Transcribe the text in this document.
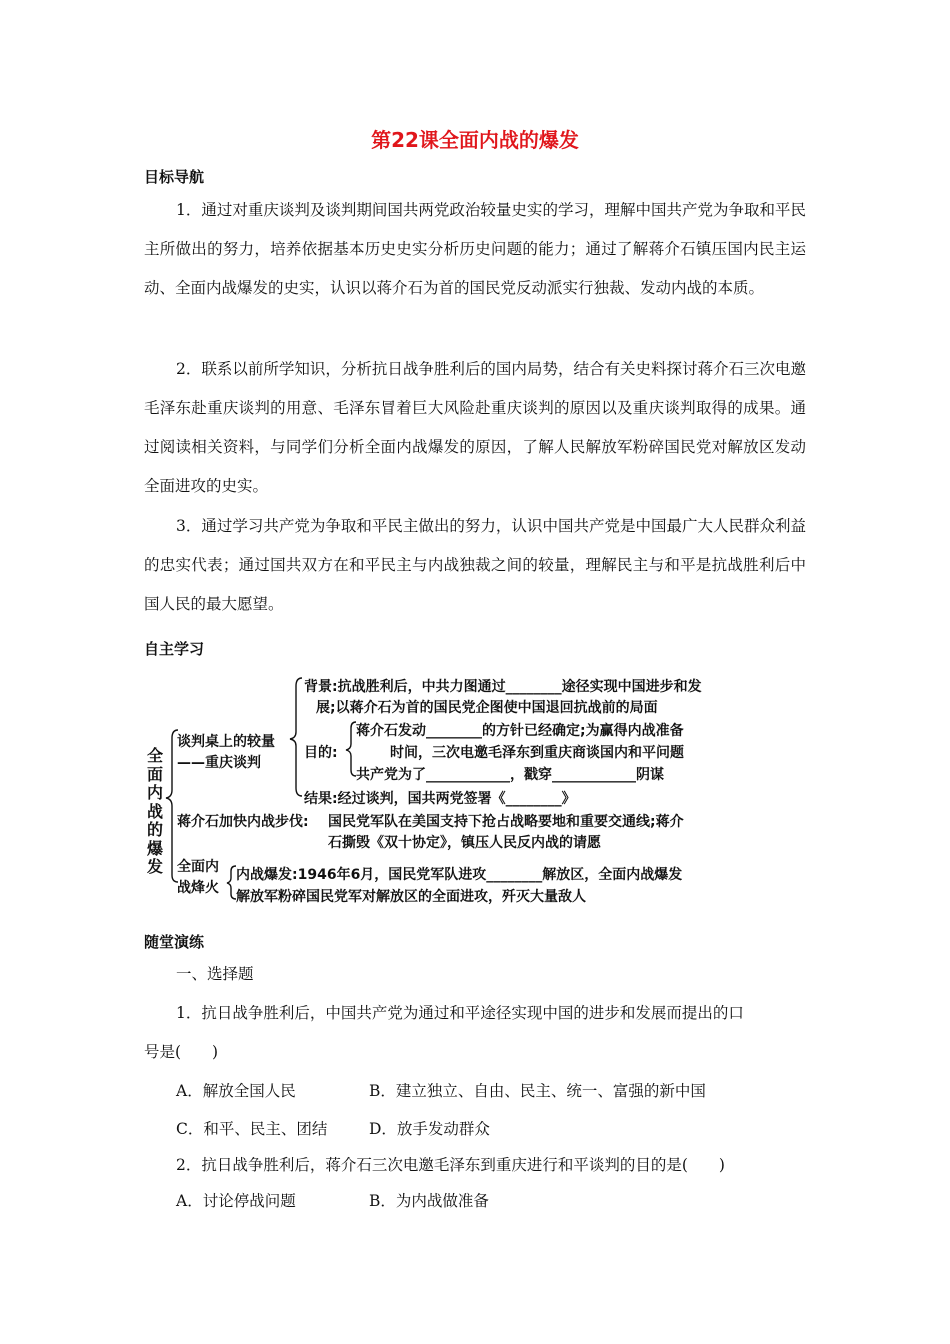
第22课全面内战的爆发
目标导航

1．通过对重庆谈判及谈判期间国共两党政治较量史实的学习，理解中国共产党为争取和平民主所做出的努力，培养依据基本历史史实分析历史问题的能力；通过了解蒋介石镇压国内民主运动、全面内战爆发的史实，认识以蒋介石为首的国民党反动派实行独裁、发动内战的本质。

2．联系以前所学知识，分析抗日战争胜利后的国内局势，结合有关史料探讨蒋介石三次电邀毛泽东赴重庆谈判的用意、毛泽东冒着巨大风险赴重庆谈判的原因以及重庆谈判取得的成果。通过阅读相关资料，与同学们分析全面内战爆发的原因，了解人民解放军粉碎国民党对解放区发动全面进攻的史实。

3．通过学习共产党为争取和平民主做出的努力，认识中国共产党是中国最广大人民群众利益的忠实代表；通过国共双方在和平民主与内战独裁之间的较量，理解民主与和平是抗战胜利后中国人民的最大愿望。

自主学习
全面内战的爆发
谈判桌上的较量
——重庆谈判
背景:抗战胜利后，中共力图通过________途径实现中国进步和发
展;以蒋介石为首的国民党企图使中国退回抗战前的局面
目的:
蒋介石发动________的方针已经确定;为赢得内战准备
时间，三次电邀毛泽东到重庆商谈国内和平问题
共产党为了____________，戳穿____________阴谋
结果:经过谈判，国共两党签署《________》
蒋介石加快内战步伐: 国民党军队在美国支持下抢占战略要地和重要交通线;蒋介
石撕毁《双十协定》，镇压人民反内战的请愿
全面内
战烽火
内战爆发:1946年6月，国民党军队进攻________解放区，全面内战爆发
解放军粉碎国民党军对解放区的全面进攻，歼灭大量敌人
随堂演练
一、选择题
1．抗日战争胜利后，中国共产党为通过和平途径实现中国的进步和发展而提出的口
号是(　　)
A．解放全国人民	B．建立独立、自由、民主、统一、富强的新中国
C．和平、民主、团结	D．放手发动群众
2．抗日战争胜利后，蒋介石三次电邀毛泽东到重庆进行和平谈判的目的是(　　)
A．讨论停战问题	B．为内战做准备
